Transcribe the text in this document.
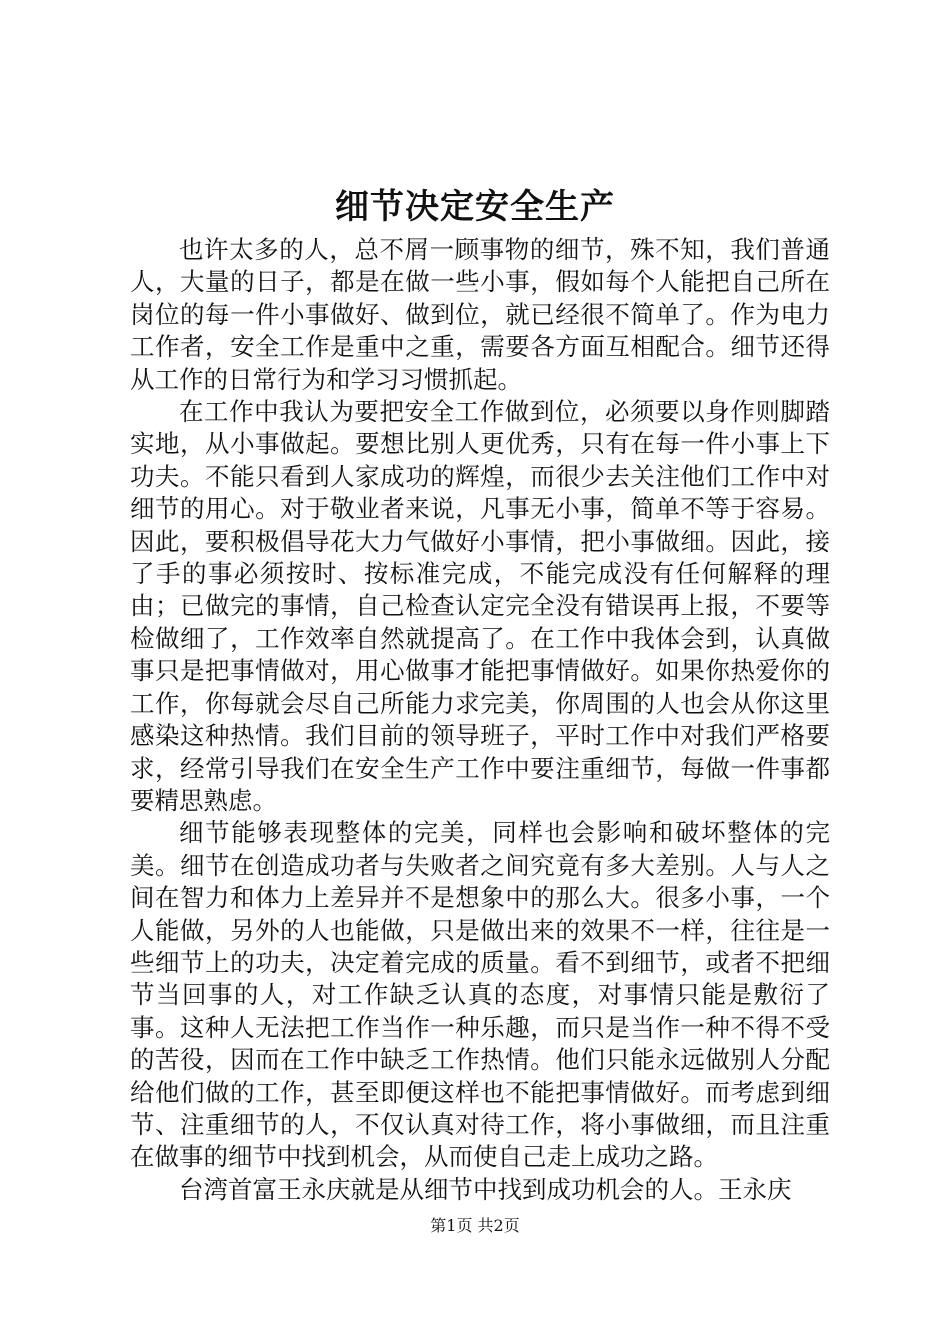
细节决定安全生产

也许太多的人，总不屑一顾事物的细节，殊不知，我们普通人，大量的日子，都是在做一些小事，假如每个人能把自己所在岗位的每一件小事做好、做到位，就已经很不简单了。作为电力工作者，安全工作是重中之重，需要各方面互相配合。细节还得从工作的日常行为和学习习惯抓起。

在工作中我认为要把安全工作做到位，必须要以身作则脚踏实地，从小事做起。要想比别人更优秀，只有在每一件小事上下功夫。不能只看到人家成功的辉煌，而很少去关注他们工作中对细节的用心。对于敬业者来说，凡事无小事，简单不等于容易。因此，要积极倡导花大力气做好小事情，把小事做细。因此，接了手的事必须按时、按标准完成，不能完成没有任何解释的理由；已做完的事情，自己检查认定完全没有错误再上报，不要等检做细了，工作效率自然就提高了。在工作中我体会到，认真做事只是把事情做对，用心做事才能把事情做好。如果你热爱你的工作，你每就会尽自己所能力求完美，你周围的人也会从你这里感染这种热情。我们目前的领导班子，平时工作中对我们严格要求，经常引导我们在安全生产工作中要注重细节，每做一件事都要精思熟虑。

细节能够表现整体的完美，同样也会影响和破坏整体的完美。细节在创造成功者与失败者之间究竟有多大差别。人与人之间在智力和体力上差异并不是想象中的那么大。很多小事，一个人能做，另外的人也能做，只是做出来的效果不一样，往往是一些细节上的功夫，决定着完成的质量。看不到细节，或者不把细节当回事的人，对工作缺乏认真的态度，对事情只能是敷衍了事。这种人无法把工作当作一种乐趣，而只是当作一种不得不受的苦役，因而在工作中缺乏工作热情。他们只能永远做别人分配给他们做的工作，甚至即便这样也不能把事情做好。而考虑到细节、注重细节的人，不仅认真对待工作，将小事做细，而且注重在做事的细节中找到机会，从而使自己走上成功之路。

台湾首富王永庆就是从细节中找到成功机会的人。王永庆

第1页 共2页
